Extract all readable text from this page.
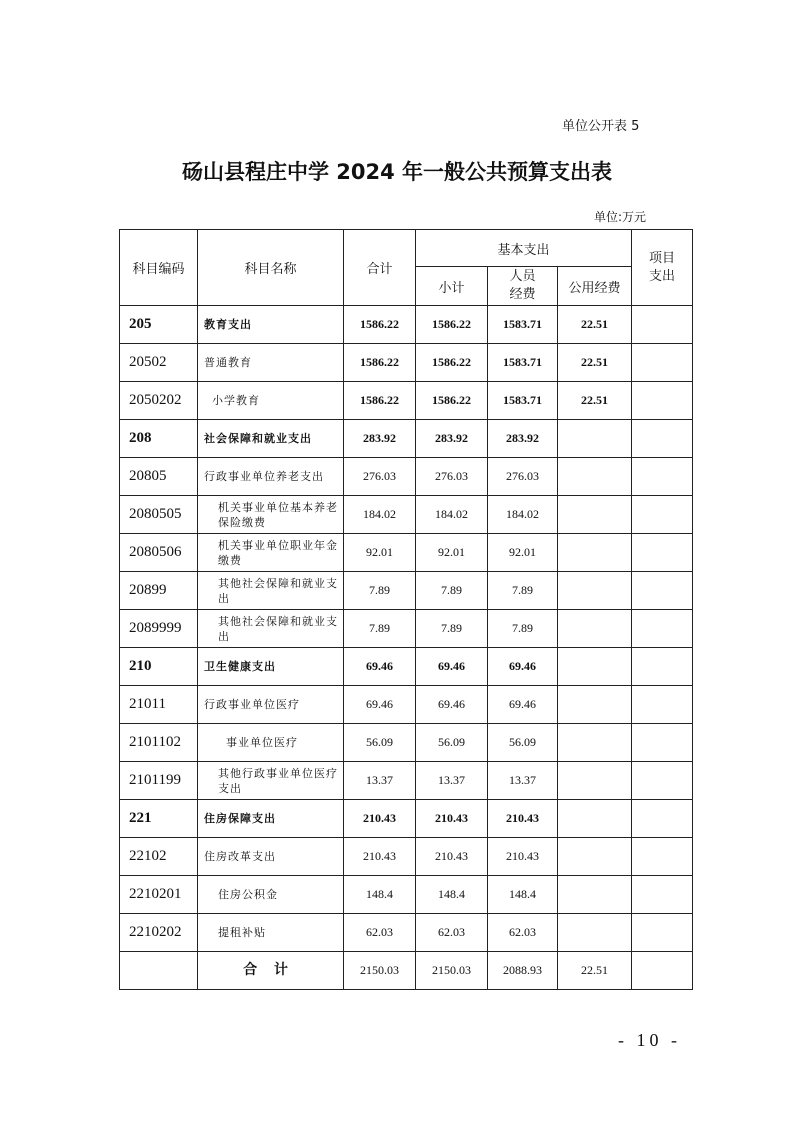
单位公开表 5
砀山县程庄中学 2024 年一般公共预算支出表
单位:万元
科目编码	科目名称	合计	基本支出			项目支出
			小计	人员经费	公用经费	
205	教育支出	1586.22	1586.22	1583.71	22.51	
20502	普通教育	1586.22	1586.22	1583.71	22.51	
2050202	小学教育	1586.22	1586.22	1583.71	22.51	
208	社会保障和就业支出	283.92	283.92	283.92		
20805	行政事业单位养老支出	276.03	276.03	276.03		
2080505	机关事业单位基本养老保险缴费	184.02	184.02	184.02		
2080506	机关事业单位职业年金缴费	92.01	92.01	92.01		
20899	其他社会保障和就业支出	7.89	7.89	7.89		
2089999	其他社会保障和就业支出	7.89	7.89	7.89		
210	卫生健康支出	69.46	69.46	69.46		
21011	行政事业单位医疗	69.46	69.46	69.46		
2101102	事业单位医疗	56.09	56.09	56.09		
2101199	其他行政事业单位医疗支出	13.37	13.37	13.37		
221	住房保障支出	210.43	210.43	210.43		
22102	住房改革支出	210.43	210.43	210.43		
2210201	住房公积金	148.4	148.4	148.4		
2210202	提租补贴	62.03	62.03	62.03		
	合 计	2150.03	2150.03	2088.93	22.51	
- 10 -
